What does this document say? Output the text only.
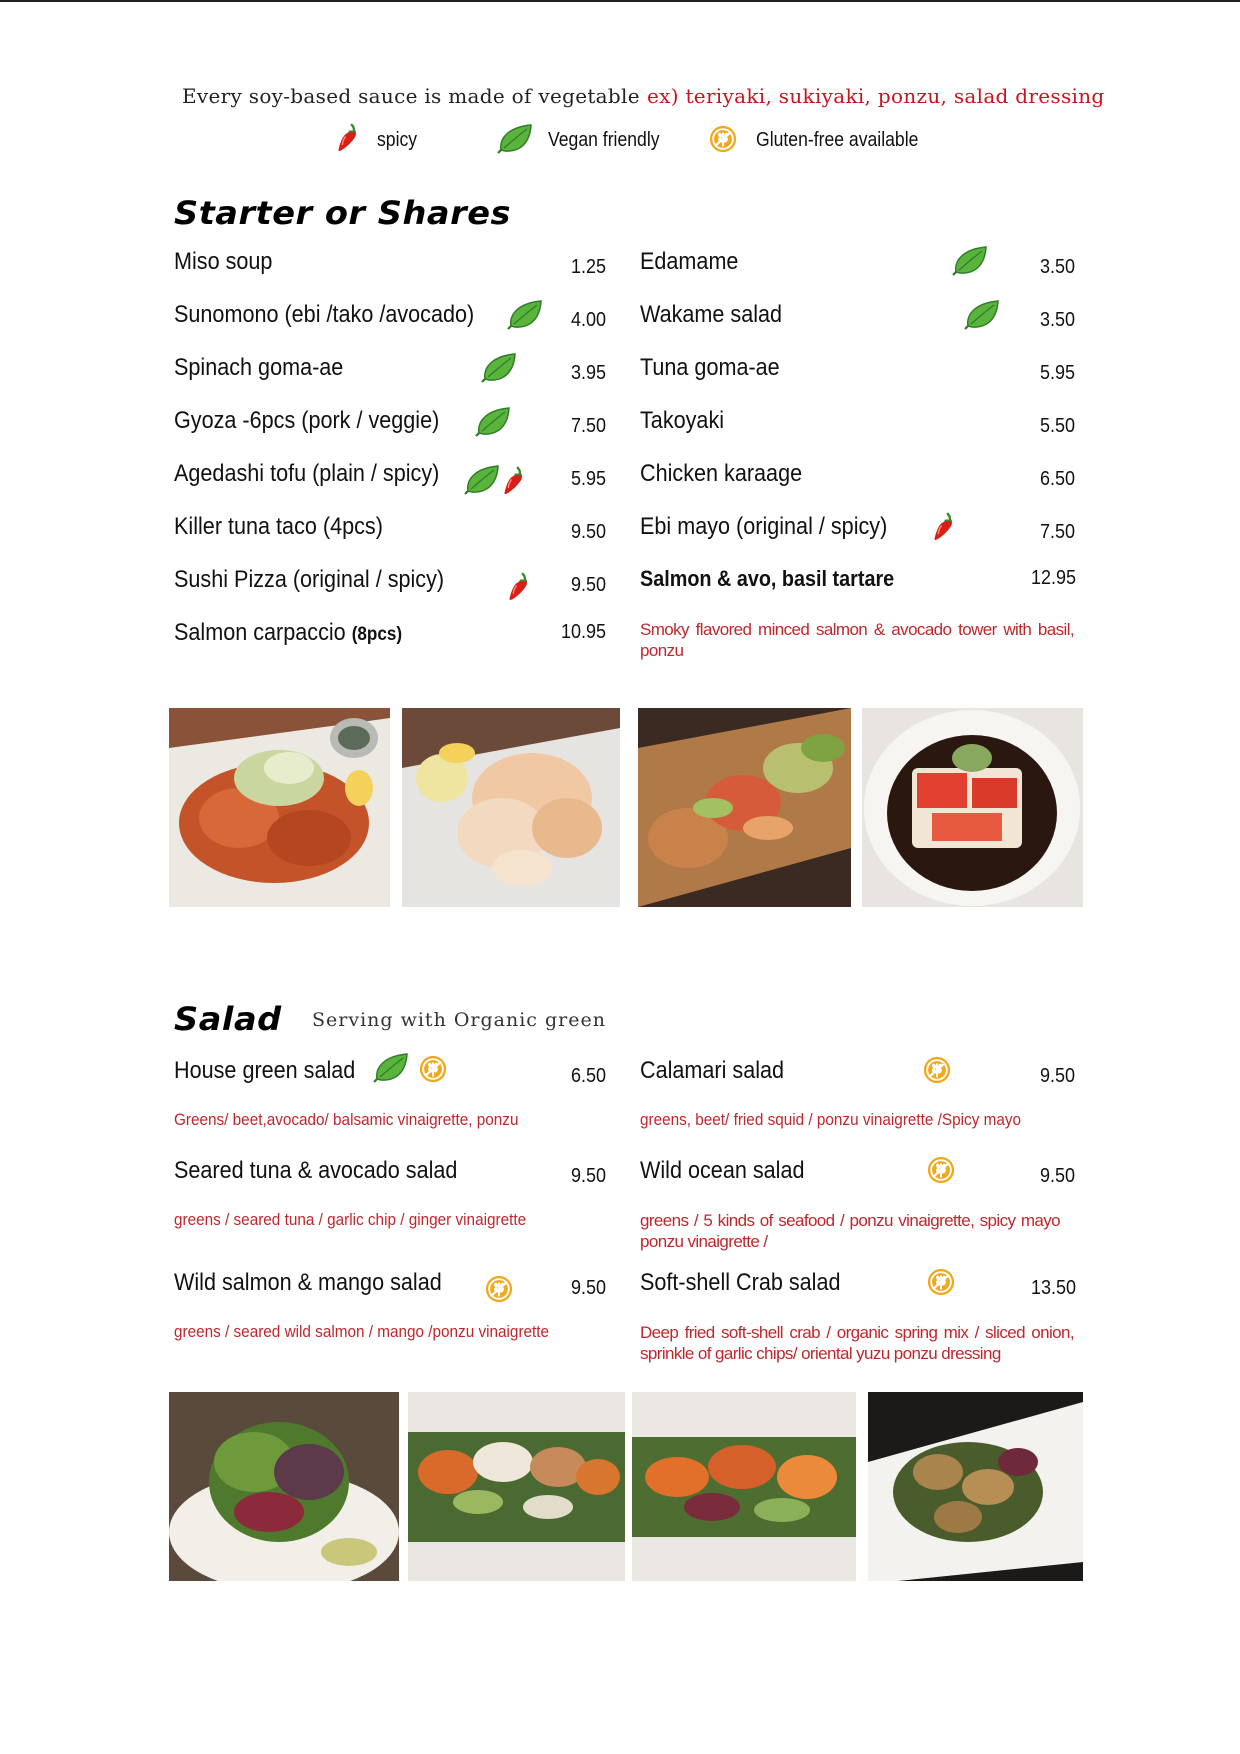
Every soy-based sauce is made of vegetable ex) teriyaki, sukiyaki, ponzu, salad dressing
spicy	Vegan friendly	Gluten-free available
Starter or Shares
Miso soup	1.25
Sunomono (ebi /tako /avocado)	4.00
Spinach goma-ae	3.95
Gyoza -6pcs (pork / veggie)	7.50
Agedashi tofu (plain / spicy)	5.95
Killer tuna taco (4pcs)	9.50
Sushi Pizza (original / spicy)	9.50
Salmon carpaccio (8pcs)	10.95
Edamame	3.50
Wakame salad	3.50
Tuna goma-ae	5.95
Takoyaki	5.50
Chicken karaage	6.50
Ebi mayo (original / spicy)	7.50
Salmon & avo, basil tartare	12.95
Smoky flavored minced salmon & avocado tower with basil, ponzu
Salad Serving with Organic green
House green salad	6.50
Greens/ beet,avocado/ balsamic vinaigrette, ponzu
Seared tuna & avocado salad	9.50
greens / seared tuna / garlic chip / ginger vinaigrette
Wild salmon & mango salad	9.50
greens / seared wild salmon / mango /ponzu vinaigrette
Calamari salad	9.50
greens, beet/ fried squid / ponzu vinaigrette /Spicy mayo
Wild ocean salad	9.50
greens / 5 kinds of seafood / ponzu vinaigrette, spicy mayo ponzu vinaigrette /
Soft-shell Crab salad	13.50
Deep fried soft-shell crab / organic spring mix / sliced onion, sprinkle of garlic chips/ oriental yuzu ponzu dressing
